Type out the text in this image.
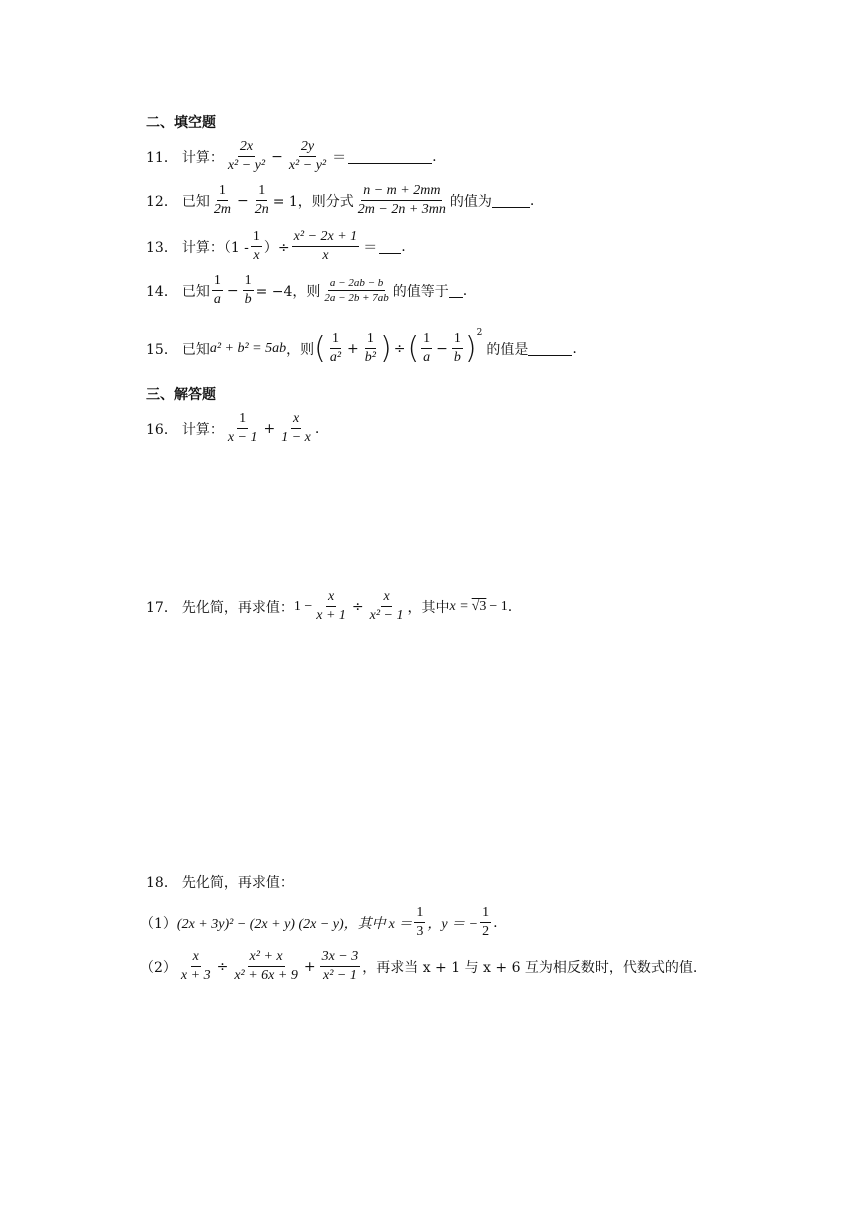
二、填空题
11． 计算： $\frac{2x}{\text{x² − y²}} - \frac{2y}{\text{x² − y²}}$ ＝	.
12． 已知 $\frac{1}{2m} - \frac{1}{2n} = 1$，则分式 $\frac{n - m + 2mm}{2m - 2n + 3mn}$ 的值为	.
13． 计算：（$1 - \frac{1}{x}$ ）÷ $\frac{\text{x² − 2x + 1}}{x}$ ＝ .
14． 已知 $\frac{1}{a} - \frac{1}{b} = -4$，则 $\frac{a - 2ab - b}{2a - 2b + 7ab}$ 的值等于 .
15． 已知 a² + b² = 5ab ，则 ( $\frac{1}{\text{a²}} + \frac{1}{\text{b²}}$ ) ÷ ( $\frac{1}{a} - \frac{1}{b}$ ) 2
的值是	.
三、解答题
16． 计算： $\frac{1}{x - 1} + \frac{x}{1 - x}$ .
17． 先化简，再求值： $1 - \frac{x}{x + 1} \div \frac{x}{\text{x² − 1}}$ ，其中 x = √3 − 1 .
18． 先化简，再求值：
（1） (2x + 3y)² − (2x + y) (2x − y)，其中 $x = \frac{1}{3}$ ，y ＝ − $\frac{1}{2}$ .
$(2) \frac{x}{x + 3} \div \frac{\text{x² + x}}{\text{x² + 6x + 9}} + \frac{3x - 3}{\text{x² − 1}}$ ，再求当 x + 1 与 x + 6 互为相反数时，代数式的值.
